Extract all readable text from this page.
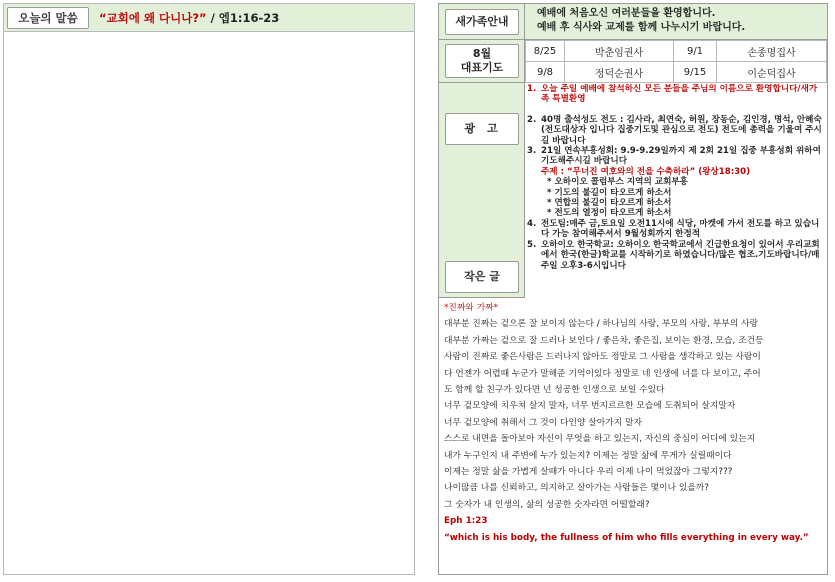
오늘의 말씀	“교회에 왜 다니나?” / 엡1:16-23	새가족안내
예배에 처음오신 여러분들을 환영합니다.
예배 후 식사와 교제를 함께 나누시기 바랍니다.
8월
대표기도
8/25	박춘임권사	9/1	손종명집사
9/8	정덕순권사	9/15	이순덕집사
광고
작은 글
1. 오늘 주일 예배에 참석하신 모든 분들을 주님의 이름으로 환영합니다/새가족 특별환영
2. 40명 출석성도 전도 : 김사라, 최연숙, 허원, 장동순, 김인경, 명석, 안혜숙(전도대상자 입니다 집중기도및 관심으로 전도) 전도에 총력을 기울여 주시길 바랍니다
3. 21일 연속부흥성회: 9.9-9.29일까지 제 2회 21일 집중 부흥성회 위하여 기도해주시길 바랍니다
주제 : “무너진 여호와의 전을 수축하라” (왕상18:30)
* 오하이오 콜럼부스 지역의 교회부흥
* 기도의 불길이 타오르게 하소서
* 연합의 불길이 타오르게 하소서
* 전도의 열정이 타오르게 하소서
4. 전도팀:매주 금,토요일 오전11시에 식당, 마켓에 가서 전도를 하고 있습니다 가능 참여해주셔서 9월성회까지 한정적
5. 오하이오 한국학교: 오하이오 한국학교에서 긴급한요청이 있어서 우리교회에서 한국(한글)학교를 시작하기로 하였습니다/많은 협조.기도바랍니다/매주일 오후3-6시입니다
*진짜와 가짜*
대부분 진짜는 겉으론 잘 보이지 않는다 / 하나님의 사랑, 부모의 사랑, 부부의 사랑
대부분 가짜는 겉으로 잘 드러나 보인다 / 좋은차, 좋은집, 보이는 환경, 모습, 조건등
사람이 진짜로 좋은사람은 드러나지 않아도 정말로 그 사람을 생각하고 있는 사람이
다 언젠가 어렵때 누군가 말해준 기억이있다 정말로 네 인생에 너를 다 보이고, 주어
도 함께 할 친구가 있다면 넌 성공한 인생으로 보일 수있다
너무 겉모양에 치우쳐 살지 말자, 너무 번지르르한 모습에 도취되어 살지말자
너무 겉모양에 취해서 그 것이 다인양 살아가지 말자
스스로 내면을 돌아보아 자신이 무엇을 하고 있는지, 자신의 중심이 어디에 있는지
내가 누구인지 내 주변에 누가 있는지? 이제는 정말 삶에 무게가 실릴때이다
이제는 정말 삶을 가볍게 살때가 아니다 우리 이제 나이 먹었잖아 그렇지???
나이많큼 나를 신뢰하고, 의지하고 살아가는 사람들은 몇이나 있을까?
그 숫자가 내 인생의, 삶의 성공한 숫자라면 어떨할래?
Eph 1:23
“which is his body, the fullness of him who fills everything in every way.”
